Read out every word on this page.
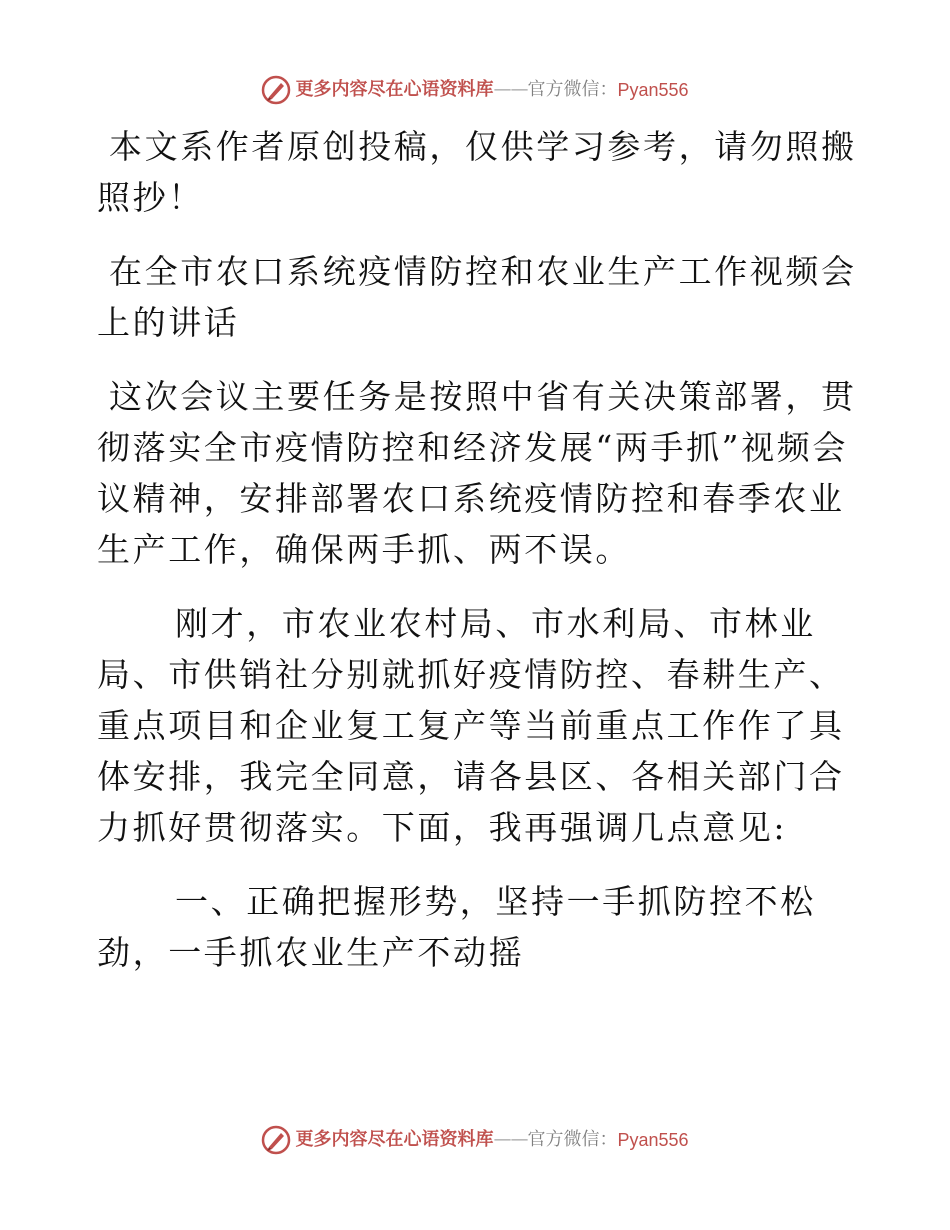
更多内容尽在心语资料库 —— 官方微信： Pyan556

本文系作者原创投稿，仅供学习参考，请勿照搬照抄！

在全市农口系统疫情防控和农业生产工作视频会上的讲话

这次会议主要任务是按照中省有关决策部署，贯彻落实全市疫情防控和经济发展“两手抓”视频会议精神，安排部署农口系统疫情防控和春季农业生产工作，确保两手抓、两不误。

刚才，市农业农村局、市水利局、市林业局、市供销社分别就抓好疫情防控、春耕生产、重点项目和企业复工复产等当前重点工作作了具体安排，我完全同意，请各县区、各相关部门合力抓好贯彻落实。下面，我再强调几点意见:

一、正确把握形势，坚持一手抓防控不松劲，一手抓农业生产不动摇

更多内容尽在心语资料库 —— 官方微信： Pyan556
